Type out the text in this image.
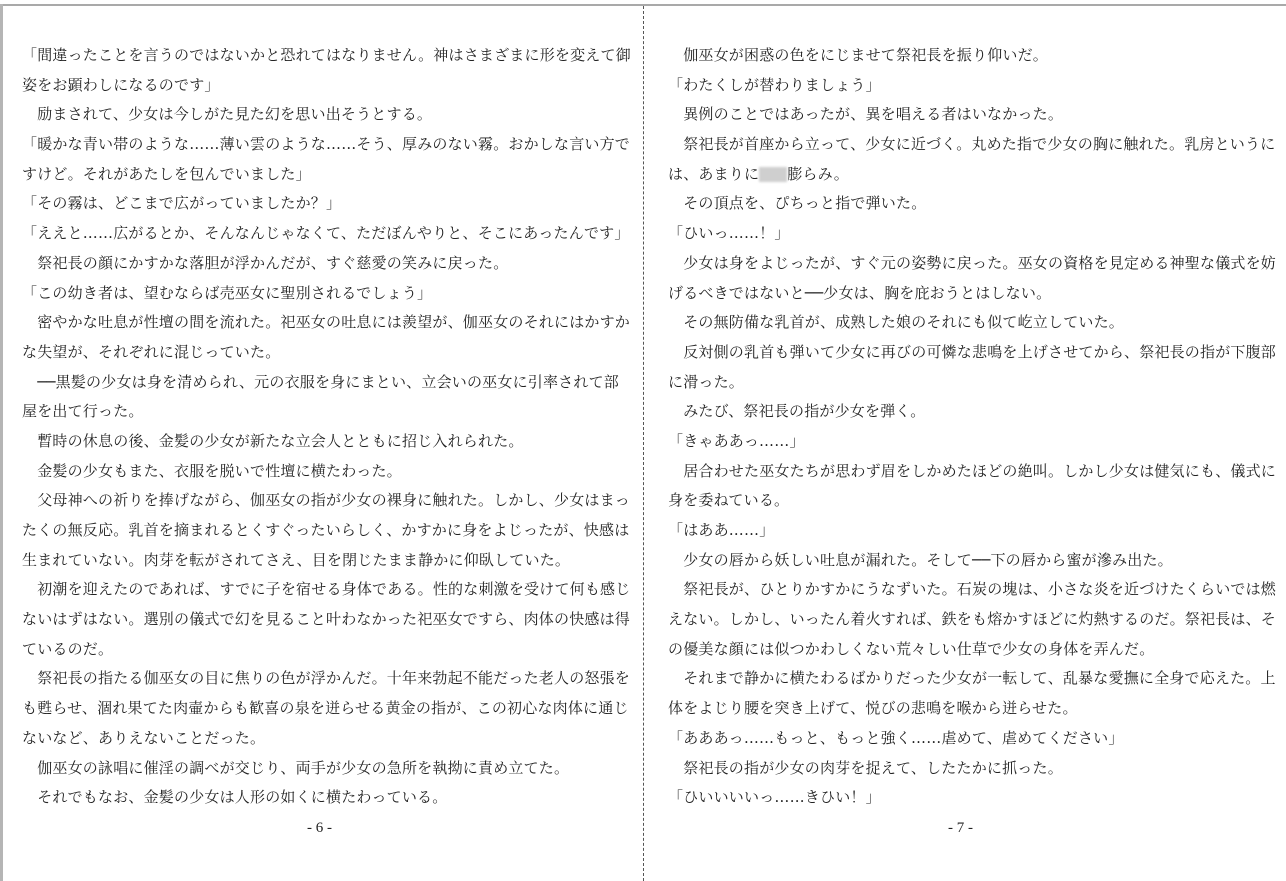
「間違ったことを言うのではないかと恐れてはなりません。神はさまざまに形を変えて御
姿をお顕わしになるのです」
　励まされて、少女は今しがた見た幻を思い出そうとする。
「暖かな青い帯のような……薄い雲のような……そう、厚みのない霧。おかしな言い方で
すけど。それがあたしを包んでいました」
「その霧は、どこまで広がっていましたか？」
「ええと……広がるとか、そんなんじゃなくて、ただぼんやりと、そこにあったんです」
　祭祀長の顔にかすかな落胆が浮かんだが、すぐ慈愛の笑みに戻った。
「この幼き者は、望むならば売巫女に聖別されるでしょう」
　密やかな吐息が性壇の間を流れた。祀巫女の吐息には羨望が、伽巫女のそれにはかすか
な失望が、それぞれに混じっていた。
　──黒髪の少女は身を清められ、元の衣服を身にまとい、立会いの巫女に引率されて部
屋を出て行った。
　暫時の休息の後、金髪の少女が新たな立会人とともに招じ入れられた。
　金髪の少女もまた、衣服を脱いで性壇に横たわった。
　父母神への祈りを捧げながら、伽巫女の指が少女の裸身に触れた。しかし、少女はまっ
たくの無反応。乳首を摘まれるとくすぐったいらしく、かすかに身をよじったが、快感は
生まれていない。肉芽を転がされてさえ、目を閉じたまま静かに仰臥していた。
　初潮を迎えたのであれば、すでに子を宿せる身体である。性的な刺激を受けて何も感じ
ないはずはない。選別の儀式で幻を見ること叶わなかった祀巫女ですら、肉体の快感は得
ているのだ。
　祭祀長の指たる伽巫女の目に焦りの色が浮かんだ。十年来勃起不能だった老人の怒張を
も甦らせ、涸れ果てた肉壷からも歓喜の泉を迸らせる黄金の指が、この初心な肉体に通じ
ないなど、ありえないことだった。
　伽巫女の詠唱に催淫の調べが交じり、両手が少女の急所を執拗に責め立てた。
　それでもなお、金髪の少女は人形の如くに横たわっている。
　伽巫女が困惑の色をにじませて祭祀長を振り仰いだ。
「わたくしが替わりましょう」
　異例のことではあったが、異を唱える者はいなかった。
　祭祀長が首座から立って、少女に近づく。丸めた指で少女の胸に触れた。乳房というに
は、あまりに 膨らみ。
　その頂点を、ぴちっと指で弾いた。
「ひいっ……！」
　少女は身をよじったが、すぐ元の姿勢に戻った。巫女の資格を見定める神聖な儀式を妨
げるべきではないと──少女は、胸を庇おうとはしない。
　その無防備な乳首が、成熟した娘のそれにも似て屹立していた。
　反対側の乳首も弾いて少女に再びの可憐な悲鳴を上げさせてから、祭祀長の指が下腹部
に滑った。
　みたび、祭祀長の指が少女を弾く。
「きゃああっ……」
　居合わせた巫女たちが思わず眉をしかめたほどの絶叫。しかし少女は健気にも、儀式に
身を委ねている。
「はああ……」
　少女の唇から妖しい吐息が漏れた。そして──下の唇から蜜が滲み出た。
　祭祀長が、ひとりかすかにうなずいた。石炭の塊は、小さな炎を近づけたくらいでは燃
えない。しかし、いったん着火すれば、鉄をも熔かすほどに灼熱するのだ。祭祀長は、そ
の優美な顔には似つかわしくない荒々しい仕草で少女の身体を弄んだ。
　それまで静かに横たわるばかりだった少女が一転して、乱暴な愛撫に全身で応えた。上
体をよじり腰を突き上げて、悦びの悲鳴を喉から迸らせた。
「あああっ……もっと、もっと強く……虐めて、虐めてください」
　祭祀長の指が少女の肉芽を捉えて、したたかに抓った。
「ひいいいいっ……きひい！」
- 6 -	- 7 -
